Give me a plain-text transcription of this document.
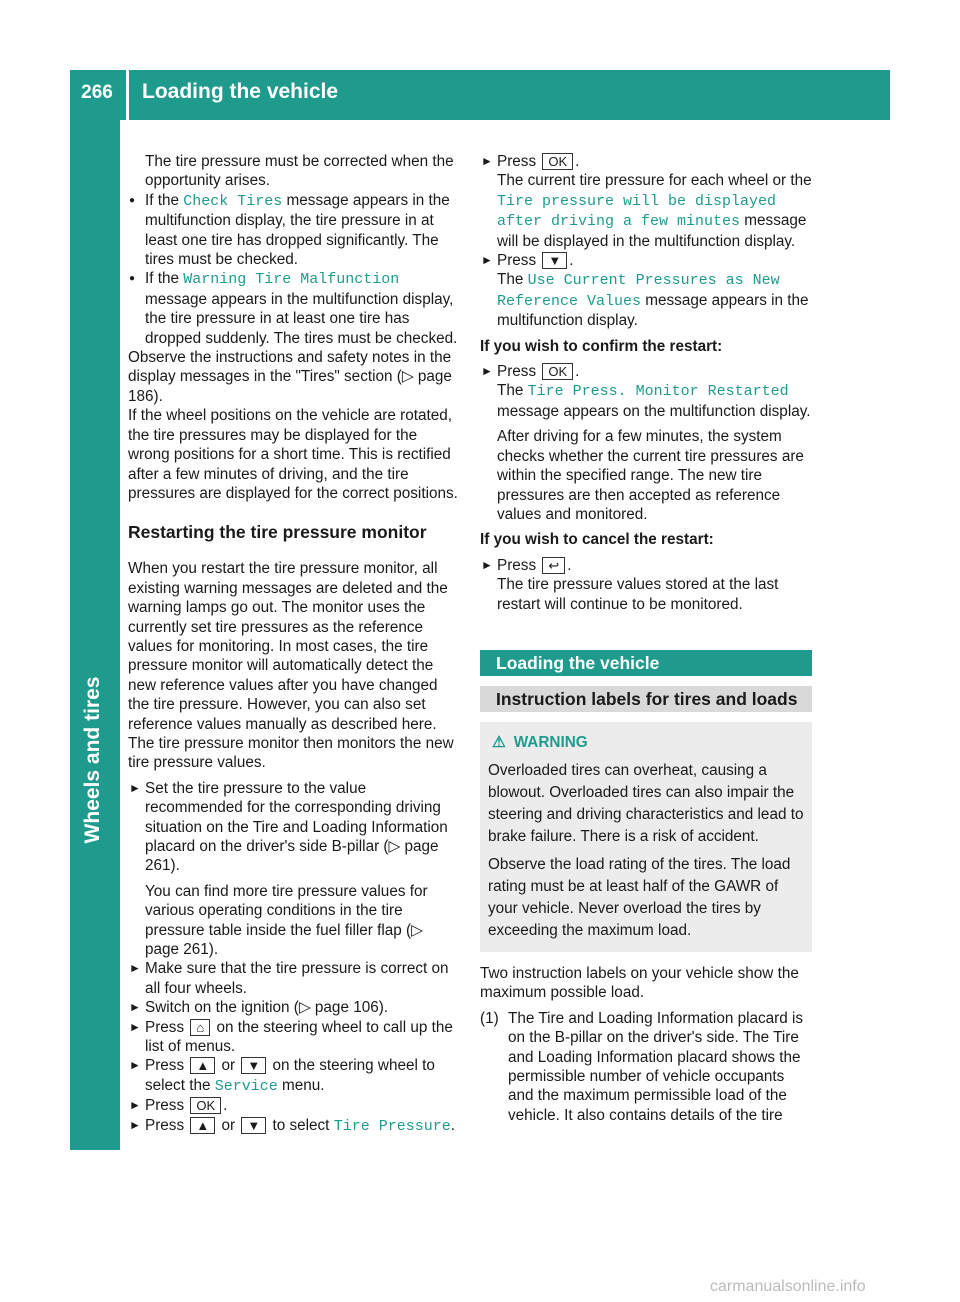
266	Loading the vehicle
Wheels and tires

The tire pressure must be corrected when the opportunity arises.

● If the Check Tires message appears in the multifunction display, the tire pressure in at least one tire has dropped significantly. The tires must be checked.

● If the Warning Tire Malfunction message appears in the multifunction display, the tire pressure in at least one tire has dropped suddenly. The tires must be checked.

Observe the instructions and safety notes in the display messages in the "Tires" section (▷ page 186).

If the wheel positions on the vehicle are rotated, the tire pressures may be displayed for the wrong positions for a short time. This is rectified after a few minutes of driving, and the tire pressures are displayed for the correct positions.

Restarting the tire pressure monitor

When you restart the tire pressure monitor, all existing warning messages are deleted and the warning lamps go out. The monitor uses the currently set tire pressures as the reference values for monitoring. In most cases, the tire pressure monitor will automatically detect the new reference values after you have changed the tire pressure. However, you can also set reference values manually as described here. The tire pressure monitor then monitors the new tire pressure values.

► Set the tire pressure to the value recommended for the corresponding driving situation on the Tire and Loading Information placard on the driver's side B-pillar (▷ page 261).

You can find more tire pressure values for various operating conditions in the tire pressure table inside the fuel filler flap (▷ page 261).

► Make sure that the tire pressure is correct on all four wheels.

► Switch on the ignition (▷ page 106).

► Press ⌂ on the steering wheel to call up the list of menus.

► Press ▲ or ▼ on the steering wheel to select the Service menu.

► Press OK .

► Press ▲ or ▼ to select Tire Pressure.

► Press OK .

The current tire pressure for each wheel or the Tire pressure will be displayed after driving a few minutes message will be displayed in the multifunction display.

► Press ▼ .

The Use Current Pressures as New Reference Values message appears in the multifunction display.

If you wish to confirm the restart:

► Press OK .

The Tire Press. Monitor Restarted message appears on the multifunction display.

After driving for a few minutes, the system checks whether the current tire pressures are within the specified range. The new tire pressures are then accepted as reference values and monitored.

If you wish to cancel the restart:

► Press ↩ .

The tire pressure values stored at the last restart will continue to be monitored.

Loading the vehicle
Instruction labels for tires and loads

⚠ WARNING

Overloaded tires can overheat, causing a blowout. Overloaded tires can also impair the steering and driving characteristics and lead to brake failure. There is a risk of accident.

Observe the load rating of the tires. The load rating must be at least half of the GAWR of your vehicle. Never overload the tires by exceeding the maximum load.

Two instruction labels on your vehicle show the maximum possible load.

(1) The Tire and Loading Information placard is on the B-pillar on the driver's side. The Tire and Loading Information placard shows the permissible number of vehicle occupants and the maximum permissible load of the vehicle. It also contains details of the tire

carmanualsonline.info
